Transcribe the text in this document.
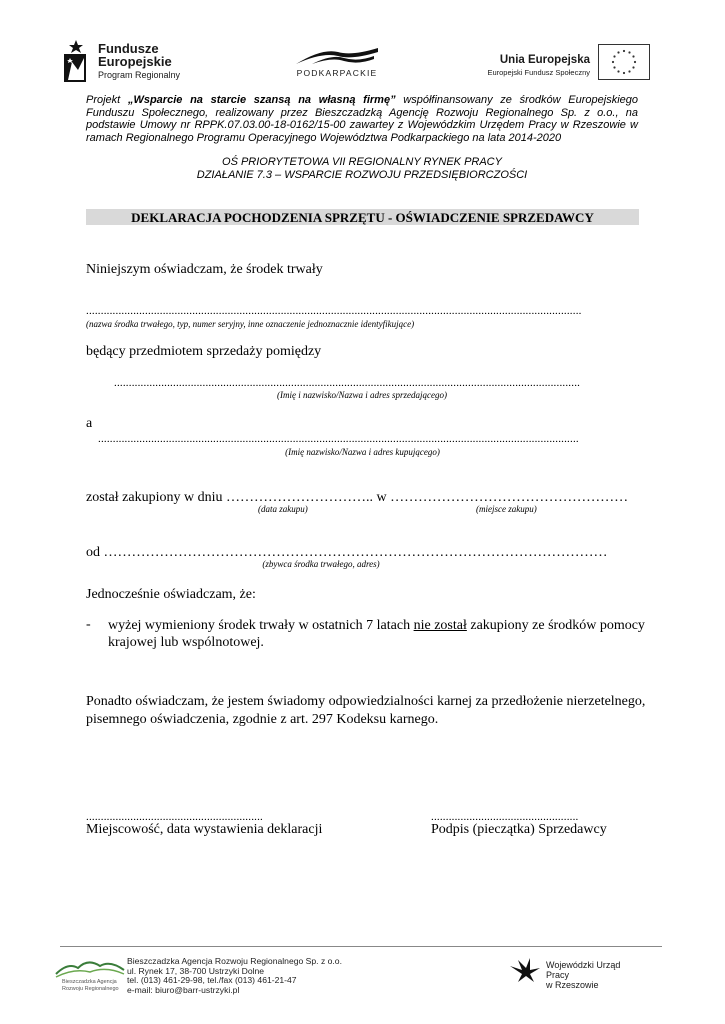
Fundusze
Europejskie
Program Regionalny	PODKARPACKIE
Unia Europejska
Europejski Fundusz Społeczny
Projekt „Wsparcie na starcie szansą na własną firmę” współfinansowany ze środków Europejskiego Funduszu Społecznego, realizowany przez Bieszczadzką Agencję Rozwoju Regionalnego Sp. z o.o., na podstawie Umowy nr RPPK.07.03.00-18-0162/15-00 zawartey z Wojewódzkim Urzędem Pracy w Rzeszowie w ramach Regionalnego Programu Operacyjnego Województwa Podkarpackiego na lata 2014-2020
OŚ PRIORYTETOWA VII REGIONALNY RYNEK PRACY
DZIAŁANIE 7.3 – WSPARCIE ROZWOJU PRZEDSIĘBIORCZOŚCI
DEKLARACJA POCHODZENIA SPRZĘTU - OŚWIADCZENIE SPRZEDAWCY
Niniejszym oświadczam, że środek trwały
........................................................................................................................................................................
(nazwa środka trwałego, typ, numer seryjny, inne oznaczenie jednoznacznie identyfikujące)
będący przedmiotem sprzedaży pomiędzy
..............................................................................................................................................................
(Imię i nazwisko/Nazwa i adres sprzedającego)
a
...................................................................................................................................................................
(Imię nazwisko/Nazwa i adres kupującego)
został zakupiony w dniu ………………………….. w ……………………………………………
(data zakupu)	(miejsce zakupu)
od ………………………………………………………………………………………………
(zbywca środka trwałego, adres)
Jednocześnie oświadczam, że:
- wyżej wymieniony środek trwały w ostatnich 7 latach nie został zakupiony ze środków pomocy
krajowej lub wspólnotowej.
Ponadto oświadczam, że jestem świadomy odpowiedzialności karnej za przedłożenie nierzetelnego,
pisemnego oświadczenia, zgodnie z art. 297 Kodeksu karnego.
............................................................
Miejscowość, data wystawienia deklaracji
..................................................
Podpis (pieczątka) Sprzedawcy
Bieszczadzka Agencja
Rozwoju Regionalnego
Bieszczadzka Agencja Rozwoju Regionalnego Sp. z o.o.
ul. Rynek 17, 38-700 Ustrzyki Dolne
tel. (013) 461-29-98, tel./fax (013) 461-21-47
e-mail: biuro@barr-ustrzyki.pl
Wojewódzki Urząd Pracy
w Rzeszowie
